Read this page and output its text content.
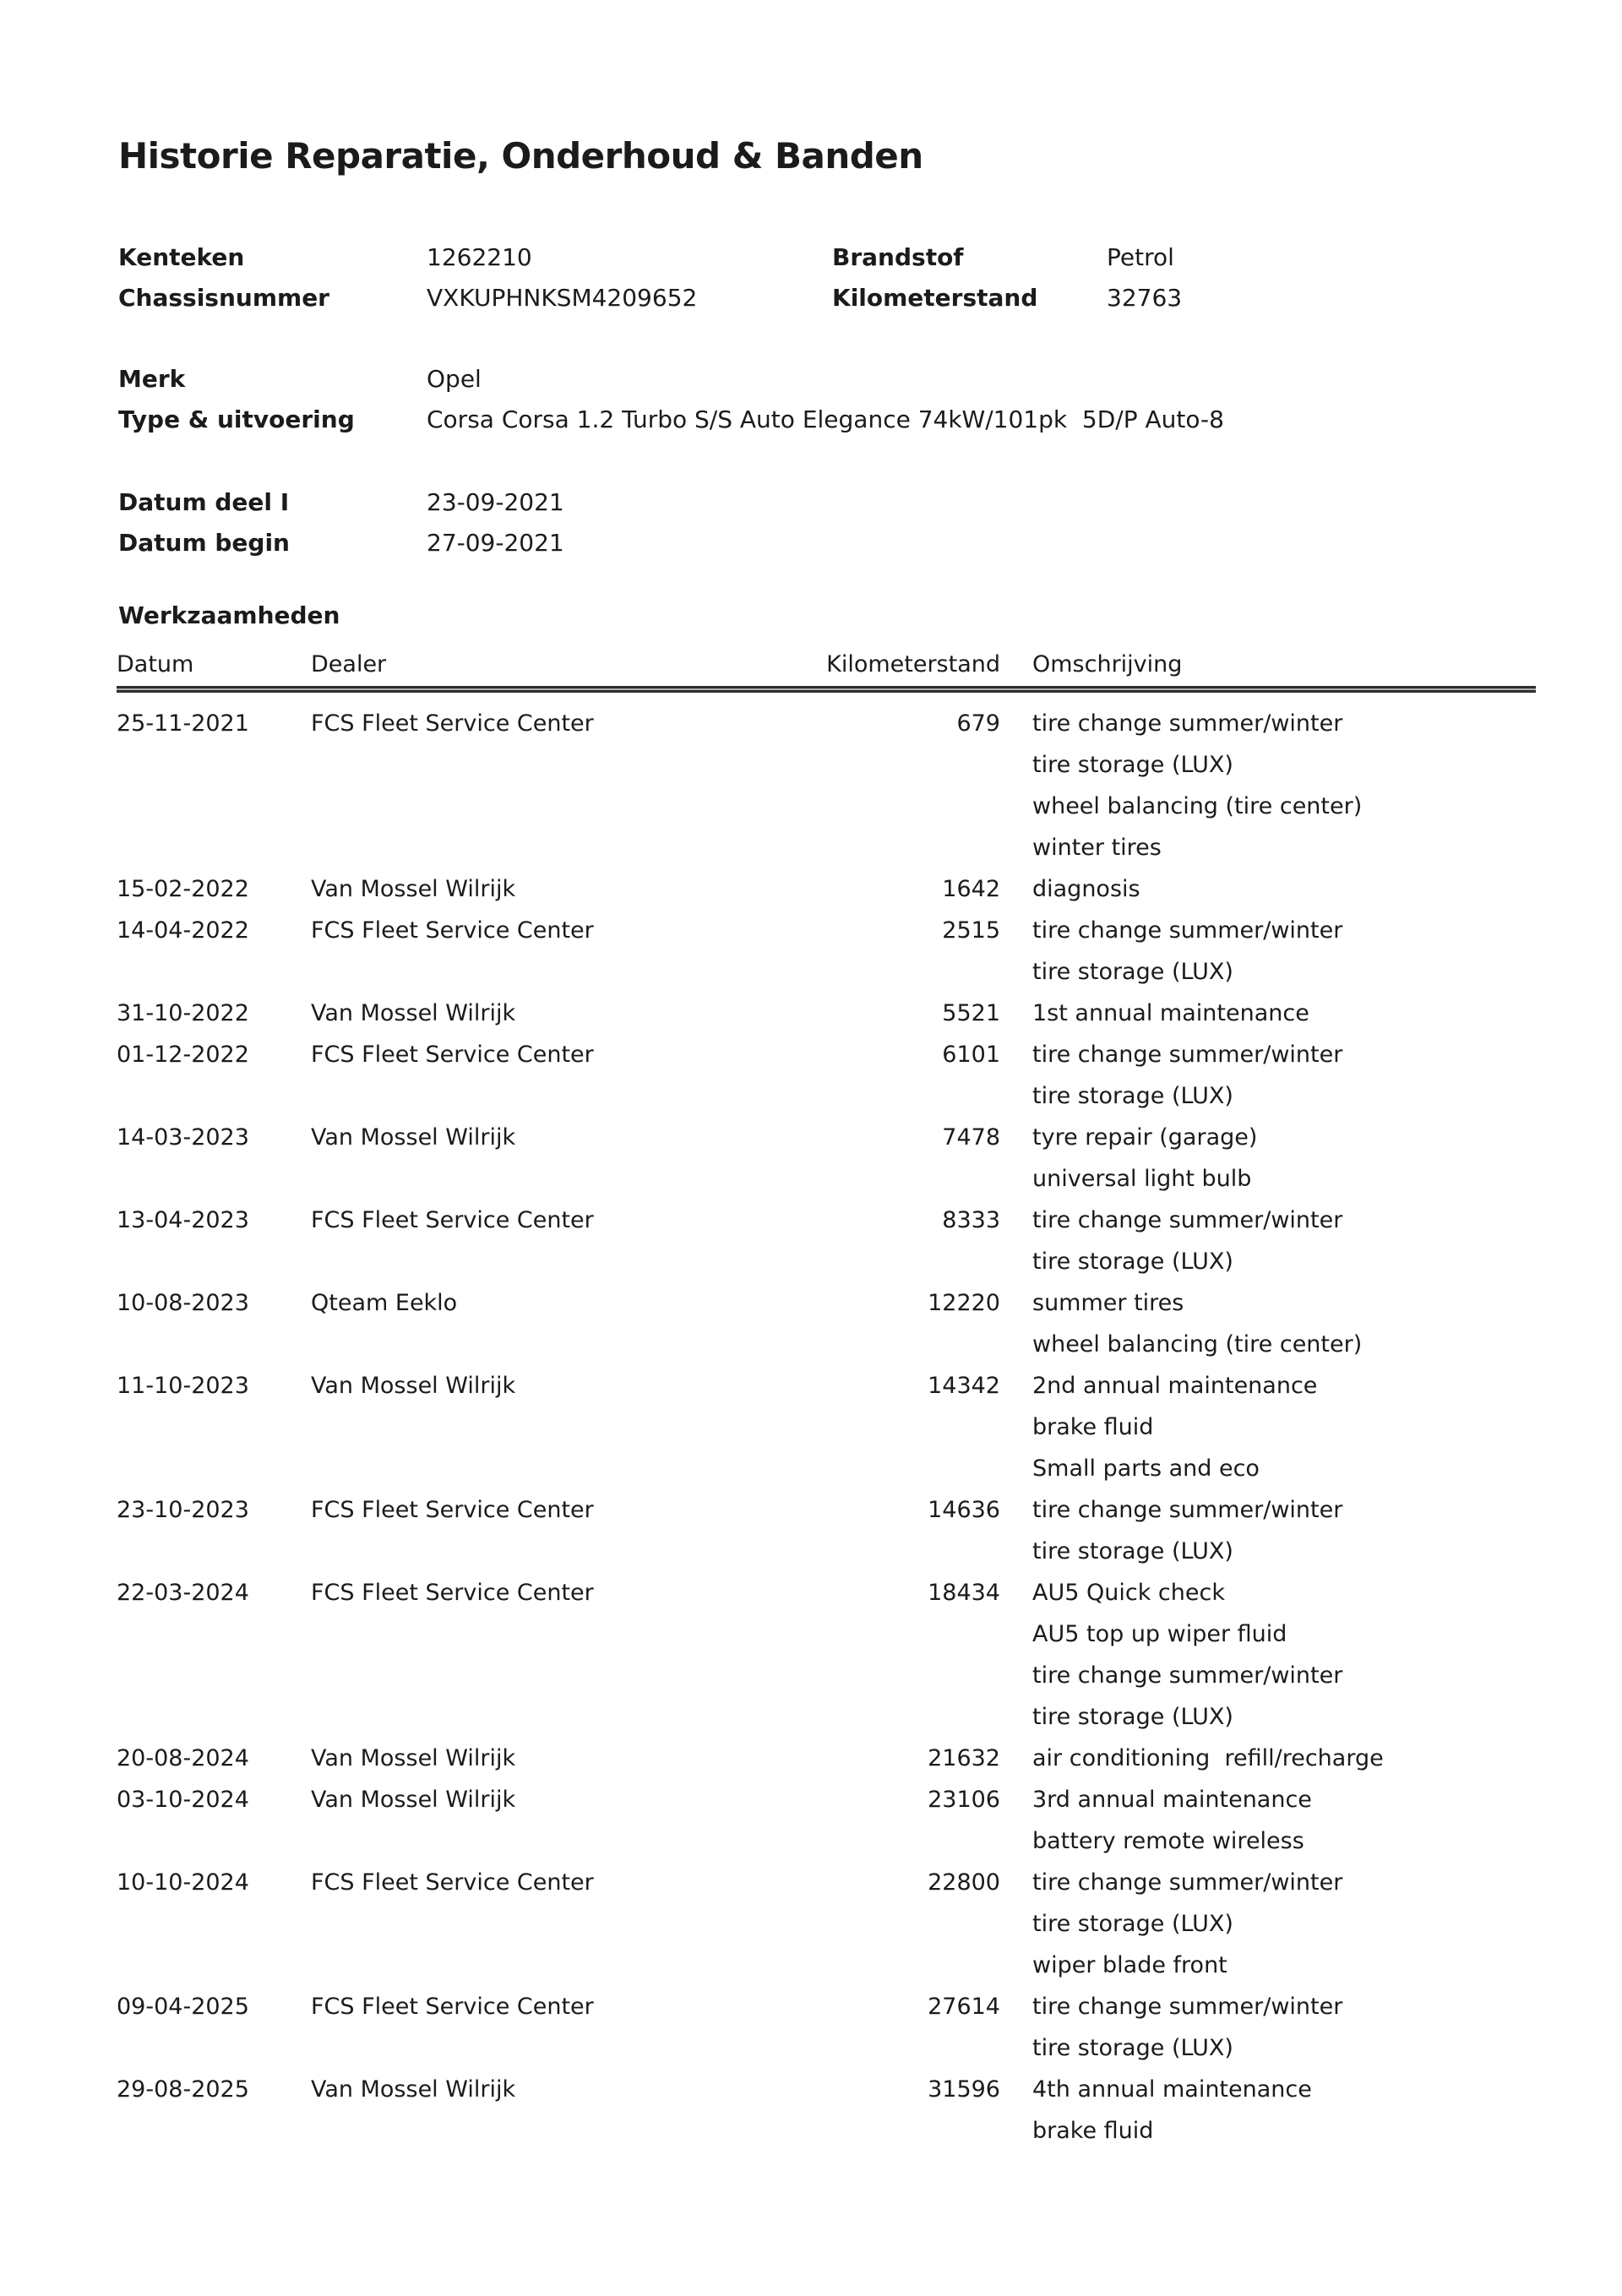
Historie Reparatie, Onderhoud & Banden
Kenteken	1262210	Brandstof	Petrol
Chassisnummer	VXKUPHNKSM4209652	Kilometerstand	32763
Merk	Opel
Type & uitvoering	Corsa Corsa 1.2 Turbo S/S Auto Elegance 74kW/101pk  5D/P Auto-8
Datum deel I	23-09-2021
Datum begin	27-09-2021
Werkzaamheden
Datum	Dealer	Kilometerstand	Omschrijving
25-11-2021	FCS Fleet Service Center	679 tire change summer/winter
tire storage (LUX)
wheel balancing (tire center)
winter tires
15-02-2022	Van Mossel Wilrijk	1642 diagnosis
14-04-2022	FCS Fleet Service Center	2515 tire change summer/winter
tire storage (LUX)
31-10-2022	Van Mossel Wilrijk	5521 1st annual maintenance
01-12-2022	FCS Fleet Service Center	6101 tire change summer/winter
tire storage (LUX)
14-03-2023	Van Mossel Wilrijk	7478 tyre repair (garage)
universal light bulb
13-04-2023	FCS Fleet Service Center	8333 tire change summer/winter
tire storage (LUX)
10-08-2023	Qteam Eeklo	12220 summer tires
wheel balancing (tire center)
11-10-2023	Van Mossel Wilrijk	14342 2nd annual maintenance
brake fluid
Small parts and eco
23-10-2023	FCS Fleet Service Center	14636 tire change summer/winter
tire storage (LUX)
22-03-2024	FCS Fleet Service Center	18434 AU5 Quick check
AU5 top up wiper fluid
tire change summer/winter
tire storage (LUX)
20-08-2024	Van Mossel Wilrijk	21632 air conditioning  refill/recharge
03-10-2024	Van Mossel Wilrijk	23106 3rd annual maintenance
battery remote wireless
10-10-2024	FCS Fleet Service Center	22800 tire change summer/winter
tire storage (LUX)
wiper blade front
09-04-2025	FCS Fleet Service Center	27614 tire change summer/winter
tire storage (LUX)
29-08-2025	Van Mossel Wilrijk	31596 4th annual maintenance
brake fluid
